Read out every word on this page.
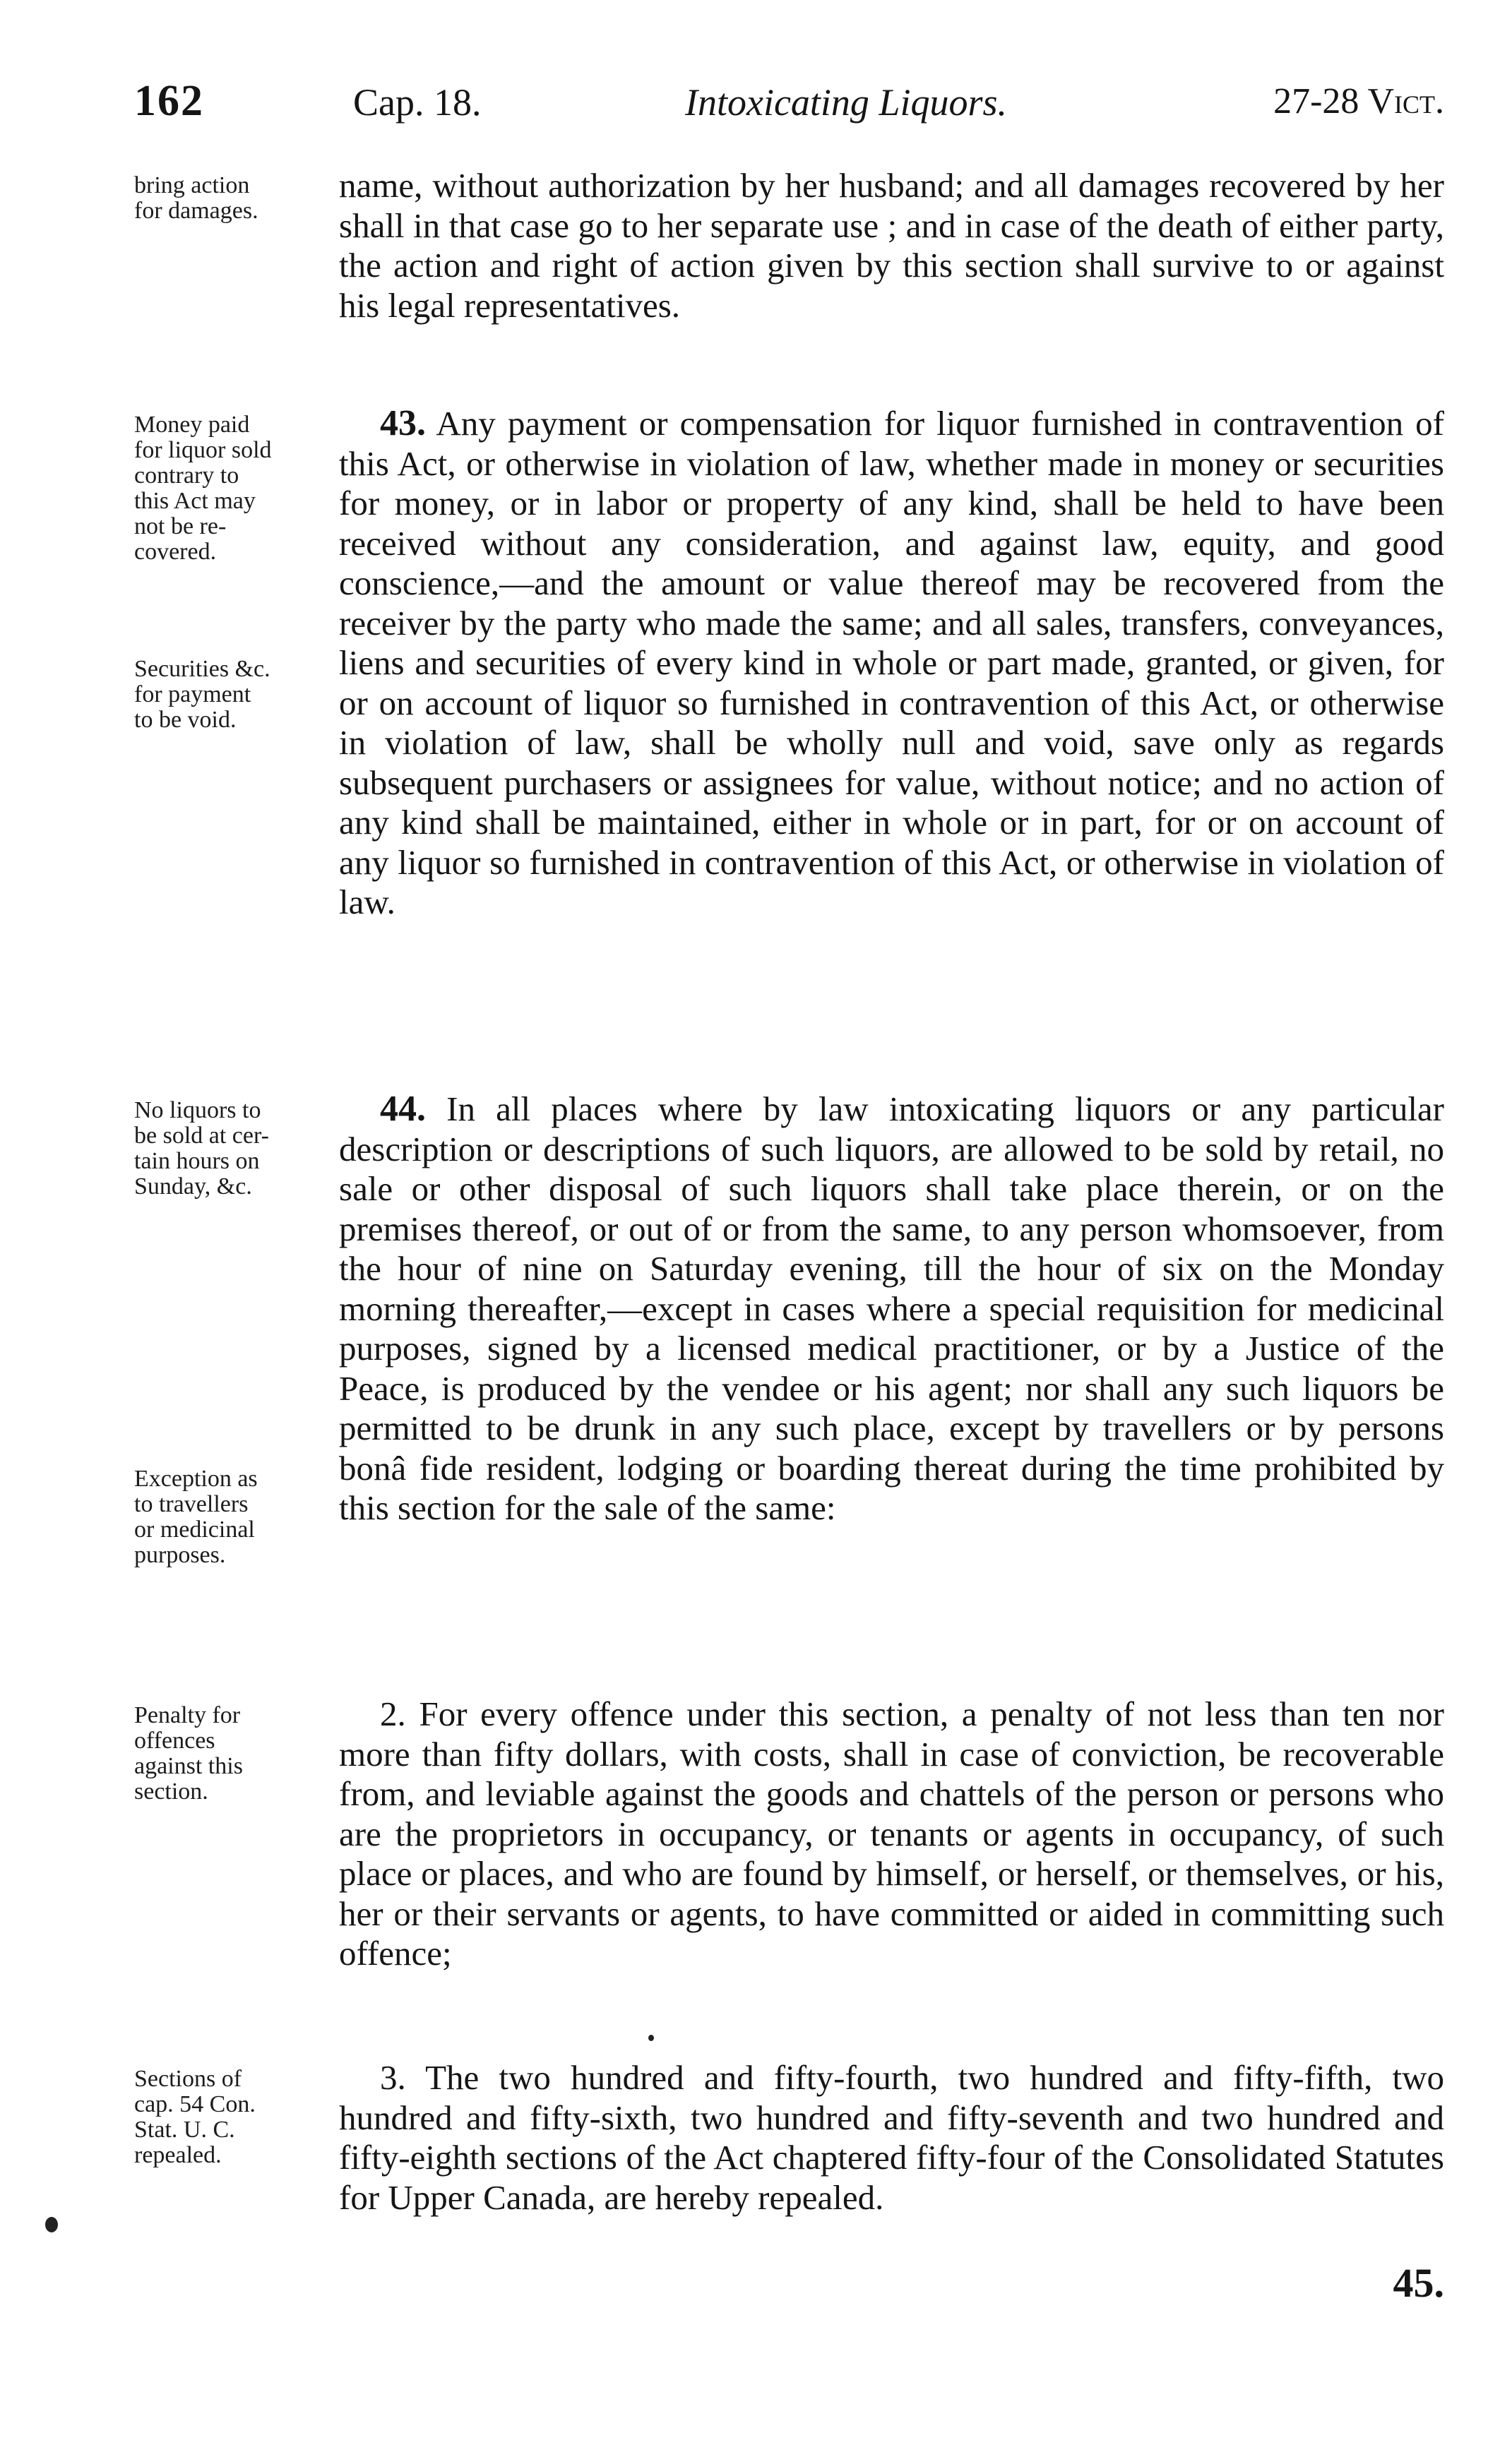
162	Cap. 18.	Intoxicating Liquors.	27-28 Vict.
bring action
for damages.
name, without authorization by her husband; and all damages recovered by her shall in that case go to her separate use ; and in case of the death of either party, the action and right of action given by this section shall survive to or against his legal representatives.
Money paid
for liquor sold
contrary to
this Act may
not be re-
covered.
Securities &c.
for payment
to be void.
43. Any payment or compensation for liquor furnished in contravention of this Act, or otherwise in violation of law, whether made in money or securities for money, or in labor or property of any kind, shall be held to have been received without any consideration, and against law, equity, and good conscience,—and the amount or value thereof may be recovered from the receiver by the party who made the same; and all sales, transfers, conveyances, liens and securities of every kind in whole or part made, granted, or given, for or on account of liquor so furnished in contravention of this Act, or otherwise in violation of law, shall be wholly null and void, save only as regards subsequent purchasers or assignees for value, without notice; and no action of any kind shall be maintained, either in whole or in part, for or on account of any liquor so furnished in contravention of this Act, or otherwise in violation of law.
No liquors to
be sold at cer-
tain hours on
Sunday, &c.
Exception as
to travellers
or medicinal
purposes.
44. In all places where by law intoxicating liquors or any particular description or descriptions of such liquors, are allowed to be sold by retail, no sale or other disposal of such liquors shall take place therein, or on the premises thereof, or out of or from the same, to any person whomsoever, from the hour of nine on Saturday evening, till the hour of six on the Monday morning thereafter,—except in cases where a special requisition for medicinal purposes, signed by a licensed medical practitioner, or by a Justice of the Peace, is produced by the vendee or his agent; nor shall any such liquors be permitted to be drunk in any such place, except by travellers or by persons bonâ fide resident, lodging or boarding thereat during the time prohibited by this section for the sale of the same:
Penalty for
offences
against this
section.
2. For every offence under this section, a penalty of not less than ten nor more than fifty dollars, with costs, shall in case of conviction, be recoverable from, and leviable against the goods and chattels of the person or persons who are the proprietors in occupancy, or tenants or agents in occupancy, of such place or places, and who are found by himself, or herself, or themselves, or his, her or their servants or agents, to have committed or aided in committing such offence;
Sections of
cap. 54 Con.
Stat. U. C.
repealed.
3. The two hundred and fifty-fourth, two hundred and fifty-fifth, two hundred and fifty-sixth, two hundred and fifty-seventh and two hundred and fifty-eighth sections of the Act chaptered fifty-four of the Consolidated Statutes for Upper Canada, are hereby repealed.
45.
